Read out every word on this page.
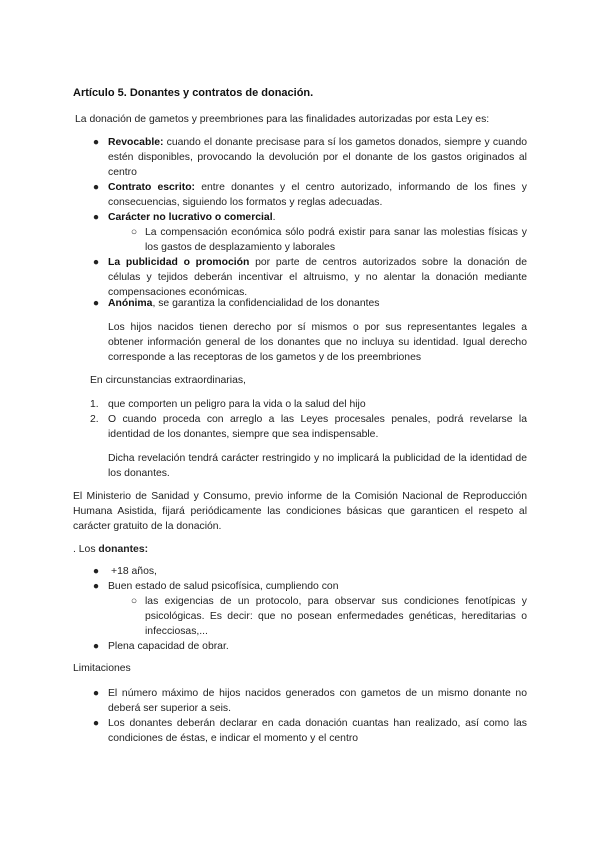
Artículo 5. Donantes y contratos de donación.
La donación de gametos y preembriones para las finalidades autorizadas por esta Ley es:
● Revocable: cuando el donante precisase para sí los gametos donados, siempre y cuando estén disponibles, provocando la devolución por el donante de los gastos originados al centro
● Contrato escrito: entre donantes y el centro autorizado, informando de los fines y consecuencias, siguiendo los formatos y reglas adecuadas.
● Carácter no lucrativo o comercial.
○ La compensación económica sólo podrá existir para sanar las molestias físicas y los gastos de desplazamiento y laborales
● La publicidad o promoción por parte de centros autorizados sobre la donación de células y tejidos deberán incentivar el altruismo, y no alentar la donación mediante compensaciones económicas.
● Anónima, se garantiza la confidencialidad de los donantes
Los hijos nacidos tienen derecho por sí mismos o por sus representantes legales a obtener información general de los donantes que no incluya su identidad. Igual derecho corresponde a las receptoras de los gametos y de los preembriones
En circunstancias extraordinarias,
1. que comporten un peligro para la vida o la salud del hijo
2. O cuando proceda con arreglo a las Leyes procesales penales, podrá revelarse la identidad de los donantes, siempre que sea indispensable.
Dicha revelación tendrá carácter restringido y no implicará la publicidad de la identidad de los donantes.
El Ministerio de Sanidad y Consumo, previo informe de la Comisión Nacional de Reproducción Humana Asistida, fijará periódicamente las condiciones básicas que garanticen el respeto al carácter gratuito de la donación.
. Los donantes:
●	+18 años,
● Buen estado de salud psicofísica, cumpliendo con
○ las exigencias de un protocolo, para observar sus condiciones fenotípicas y psicológicas. Es decir: que no posean enfermedades genéticas, hereditarias o infecciosas,...
● Plena capacidad de obrar.
Limitaciones
● El número máximo de hijos nacidos generados con gametos de un mismo donante no deberá ser superior a seis.
● Los donantes deberán declarar en cada donación cuantas han realizado, así como las condiciones de éstas, e indicar el momento y el centro
